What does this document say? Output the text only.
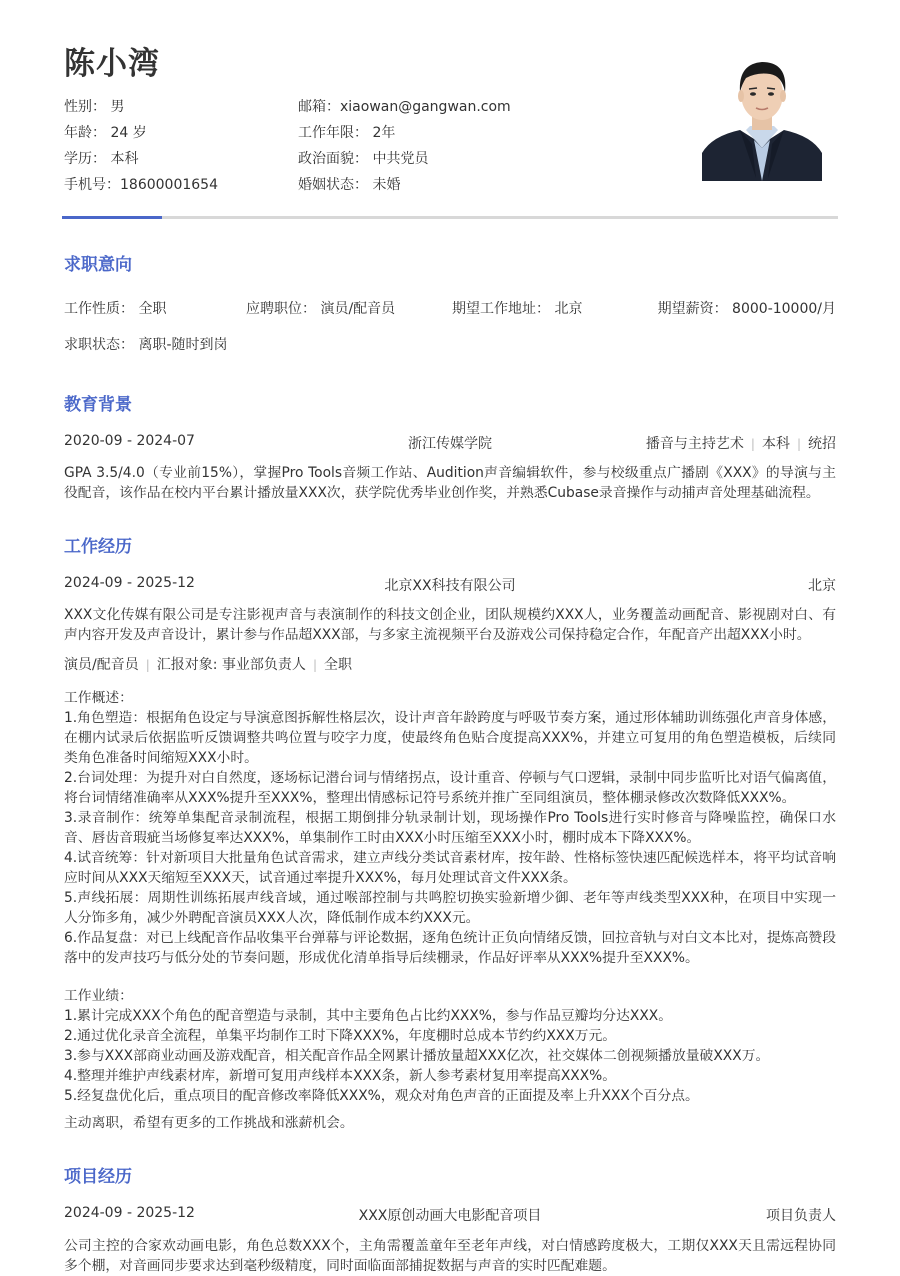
陈小湾
性别： 男
年龄： 24 岁
学历： 本科
手机号：18600001654
邮箱：xiaowan@gangwan.com
工作年限： 2年
政治面貌： 中共党员
婚姻状态： 未婚
求职意向
工作性质： 全职	应聘职位： 演员/配音员	期望工作地址： 北京	期望薪资： 8000-10000/月
求职状态： 离职-随时到岗
教育背景
2020-09 - 2024-07	浙江传媒学院	播音与主持艺术 | 本科 | 统招
GPA 3.5/4.0（专业前15%），掌握Pro Tools音频工作站、Audition声音编辑软件，参与校级重点广播剧《XXX》的导演与主役配音，该作品在校内平台累计播放量XXX次，获学院优秀毕业创作奖，并熟悉Cubase录音操作与动捕声音处理基础流程。
工作经历
2024-09 - 2025-12	北京XX科技有限公司	北京
XXX文化传媒有限公司是专注影视声音与表演制作的科技文创企业，团队规模约XXX人，业务覆盖动画配音、影视剧对白、有声内容开发及声音设计，累计参与作品超XXX部，与多家主流视频平台及游戏公司保持稳定合作，年配音产出超XXX小时。
演员/配音员 | 汇报对象: 事业部负责人 | 全职
工作概述：
1.角色塑造：根据角色设定与导演意图拆解性格层次，设计声音年龄跨度与呼吸节奏方案，通过形体辅助训练强化声音身体感，在棚内试录后依据监听反馈调整共鸣位置与咬字力度，使最终角色贴合度提高XXX%，并建立可复用的角色塑造模板，后续同类角色准备时间缩短XXX小时。
2.台词处理：为提升对白自然度，逐场标记潜台词与情绪拐点，设计重音、停顿与气口逻辑，录制中同步监听比对语气偏离值，将台词情绪准确率从XXX%提升至XXX%，整理出情感标记符号系统并推广至同组演员，整体棚录修改次数降低XXX%。
3.录音制作：统筹单集配音录制流程，根据工期倒排分轨录制计划，现场操作Pro Tools进行实时修音与降噪监控，确保口水音、唇齿音瑕疵当场修复率达XXX%，单集制作工时由XXX小时压缩至XXX小时，棚时成本下降XXX%。
4.试音统筹：针对新项目大批量角色试音需求，建立声线分类试音素材库，按年龄、性格标签快速匹配候选样本，将平均试音响应时间从XXX天缩短至XXX天，试音通过率提升XXX%，每月处理试音文件XXX条。
5.声线拓展：周期性训练拓展声线音域，通过喉部控制与共鸣腔切换实验新增少御、老年等声线类型XXX种，在项目中实现一人分饰多角，减少外聘配音演员XXX人次，降低制作成本约XXX元。
6.作品复盘：对已上线配音作品收集平台弹幕与评论数据，逐角色统计正负向情绪反馈，回拉音轨与对白文本比对，提炼高赞段落中的发声技巧与低分处的节奏问题，形成优化清单指导后续棚录，作品好评率从XXX%提升至XXX%。
工作业绩：
1.累计完成XXX个角色的配音塑造与录制，其中主要角色占比约XXX%，参与作品豆瓣均分达XXX。
2.通过优化录音全流程，单集平均制作工时下降XXX%，年度棚时总成本节约约XXX万元。
3.参与XXX部商业动画及游戏配音，相关配音作品全网累计播放量超XXX亿次，社交媒体二创视频播放量破XXX万。
4.整理并维护声线素材库，新增可复用声线样本XXX条，新人参考素材复用率提高XXX%。
5.经复盘优化后，重点项目的配音修改率降低XXX%，观众对角色声音的正面提及率上升XXX个百分点。
主动离职，希望有更多的工作挑战和涨薪机会。
项目经历
2024-09 - 2025-12	XXX原创动画大电影配音项目	项目负责人
公司主控的合家欢动画电影，角色总数XXX个，主角需覆盖童年至老年声线，对白情感跨度极大，工期仅XXX天且需远程协同多个棚，对音画同步要求达到毫秒级精度，同时面临面部捕捉数据与声音的实时匹配难题。
